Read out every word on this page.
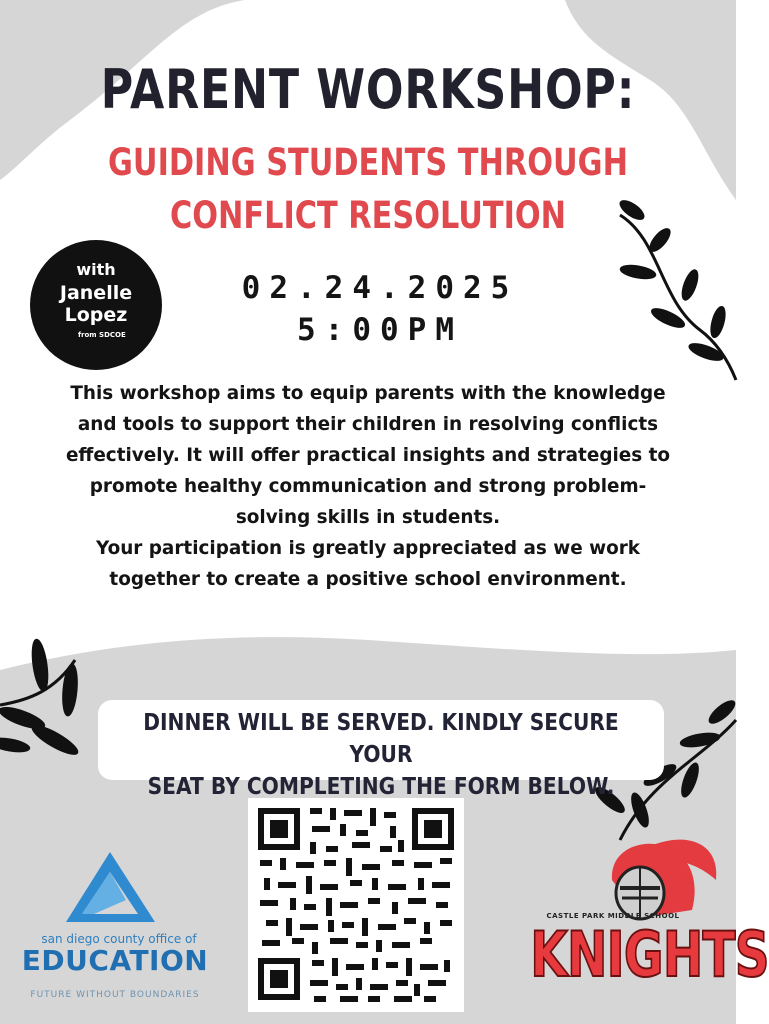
PARENT WORKSHOP:
GUIDING STUDENTS THROUGH
CONFLICT RESOLUTION
with
Janelle
Lopez
from SDCOE
02.24.2025
5:00PM
This workshop aims to equip parents with the knowledge
and tools to support their children in resolving conflicts
effectively. It will offer practical insights and strategies to
promote healthy communication and strong problem-
solving skills in students.
Your participation is greatly appreciated as we work
together to create a positive school environment.
DINNER WILL BE SERVED. KINDLY SECURE YOUR
SEAT BY COMPLETING THE FORM BELOW.
san diego county office of
EDUCATION
FUTURE WITHOUT BOUNDARIES
CASTLE PARK MIDDLE SCHOOL
KNIGHTS
